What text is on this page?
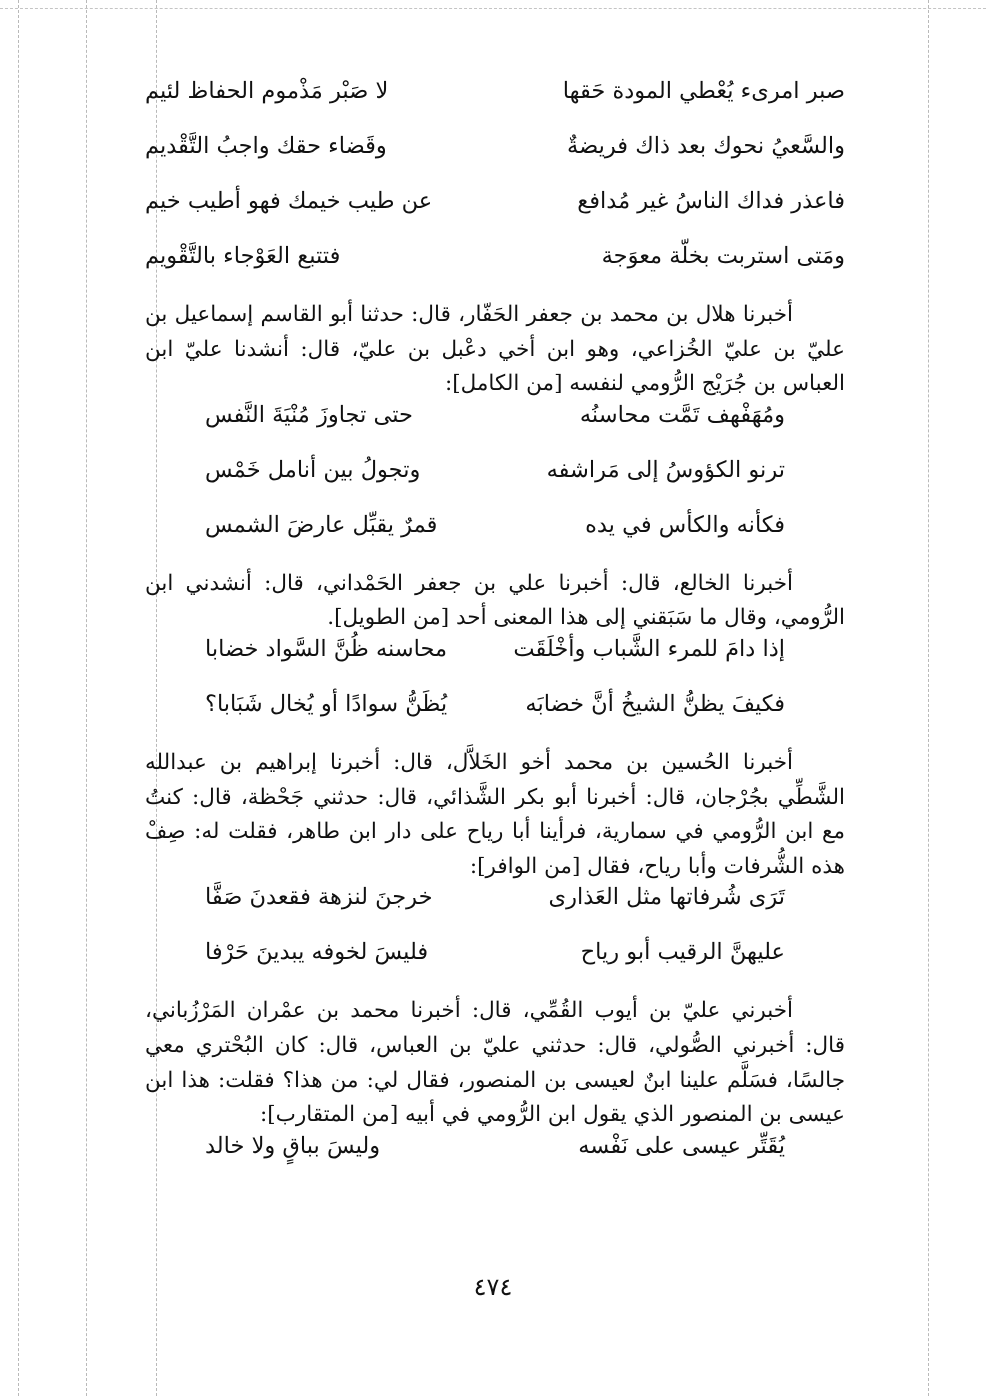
صبر امرىء يُعْطي المودة حَقها
لا صَبْر مَذْموم الحفاظ لئيم
والسَّعيُ نحوك بعد ذاك فريضةٌ
وقَضاء حقك واجبُ التَّقْديم
فاعذر فداك الناسُ غير مُدافع
عن طيب خيمك فهو أطيب خيم
ومَتى استربت بخلّة معوَجة
فتتبع العَوْجاء بالتَّقْويم

أخبرنا هلال بن محمد بن جعفر الحَفّار، قال: حدثنا أبو القاسم إسماعيل بن عليّ بن عليّ الخُزاعي، وهو ابن أخي دعْبل بن عليّ، قال: أنشدنا عليّ ابن العباس بن جُرَيْج الرُّومي لنفسه [من الكامل]:

ومُهَفْهف تَمَّت محاسنُه
حتى تجاوزَ مُنْيَةَ النَّفس
ترنو الكؤوسُ إلى مَراشفه
وتجولُ بين أنامل خَمْس
فكأنه والكأس في يده
قمرٌ يقبِّل عارضَ الشمس

أخبرنا الخالع، قال: أخبرنا علي بن جعفر الحَمْداني، قال: أنشدني ابن الرُّومي، وقال ما سَبَقني إلى هذا المعنى أحد [من الطويل].

إذا دامَ للمرء الشَّباب وأخْلَقَت
محاسنه ظُنَّ السَّواد خضابا
فكيفَ يظنُّ الشيخُ أنَّ خضابَه
يُظَنُّ سوادًا أو يُخال شَبَابا؟

أخبرنا الحُسين بن محمد أخو الخَلاَّل، قال: أخبرنا إبراهيم بن عبدالله الشَّطِّي بجُرْجان، قال: أخبرنا أبو بكر الشَّذائي، قال: حدثني جَحْظة، قال: كنتُ مع ابن الرُّومي في سمارية، فرأينا أبا رياح على دار ابن طاهر، فقلت له: صِفْ هذه الشُّرفات وأبا رياح، فقال [من الوافر]:

تَرَى شُرفاتها مثل العَذارى
خرجنَ لنزهة فقعدنَ صَفَّا
عليهنَّ الرقيب أبو رياح
فليسَ لخوفه يبدينَ حَرْفا

أخبرني عليّ بن أيوب القُمِّي، قال: أخبرنا محمد بن عمْران المَرْزُباني، قال: أخبرني الصُّولي، قال: حدثني عليّ بن العباس، قال: كان البُحْتري معي جالسًا، فسَلَّم علينا ابنٌ لعيسى بن المنصور، فقال لي: من هذا؟ فقلت: هذا ابن عيسى بن المنصور الذي يقول ابن الرُّومي في أبيه [من المتقارب]:

يُقَتِّر عيسى على نَفْسه
وليسَ بباقٍ ولا خالد
٤٧٤
